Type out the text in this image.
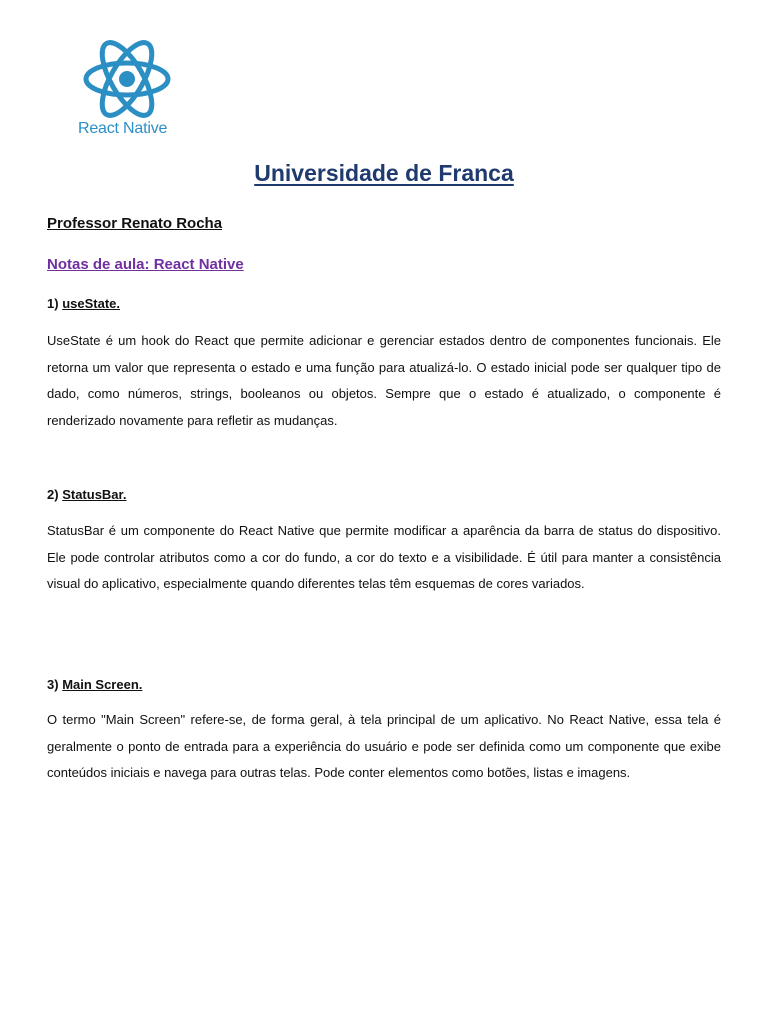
React Native
Universidade de Franca
Professor Renato Rocha
Notas de aula: React Native
1) useState.
UseState é um hook do React que permite adicionar e gerenciar estados dentro de componentes funcionais. Ele retorna um valor que representa o estado e uma função para atualizá-lo. O estado inicial pode ser qualquer tipo de dado, como números, strings, booleanos ou objetos. Sempre que o estado é atualizado, o componente é renderizado novamente para refletir as mudanças.
2) StatusBar.
StatusBar é um componente do React Native que permite modificar a aparência da barra de status do dispositivo. Ele pode controlar atributos como a cor do fundo, a cor do texto e a visibilidade. É útil para manter a consistência visual do aplicativo, especialmente quando diferentes telas têm esquemas de cores variados.
3) Main Screen.
O termo "Main Screen" refere-se, de forma geral, à tela principal de um aplicativo. No React Native, essa tela é geralmente o ponto de entrada para a experiência do usuário e pode ser definida como um componente que exibe conteúdos iniciais e navega para outras telas. Pode conter elementos como botões, listas e imagens.
